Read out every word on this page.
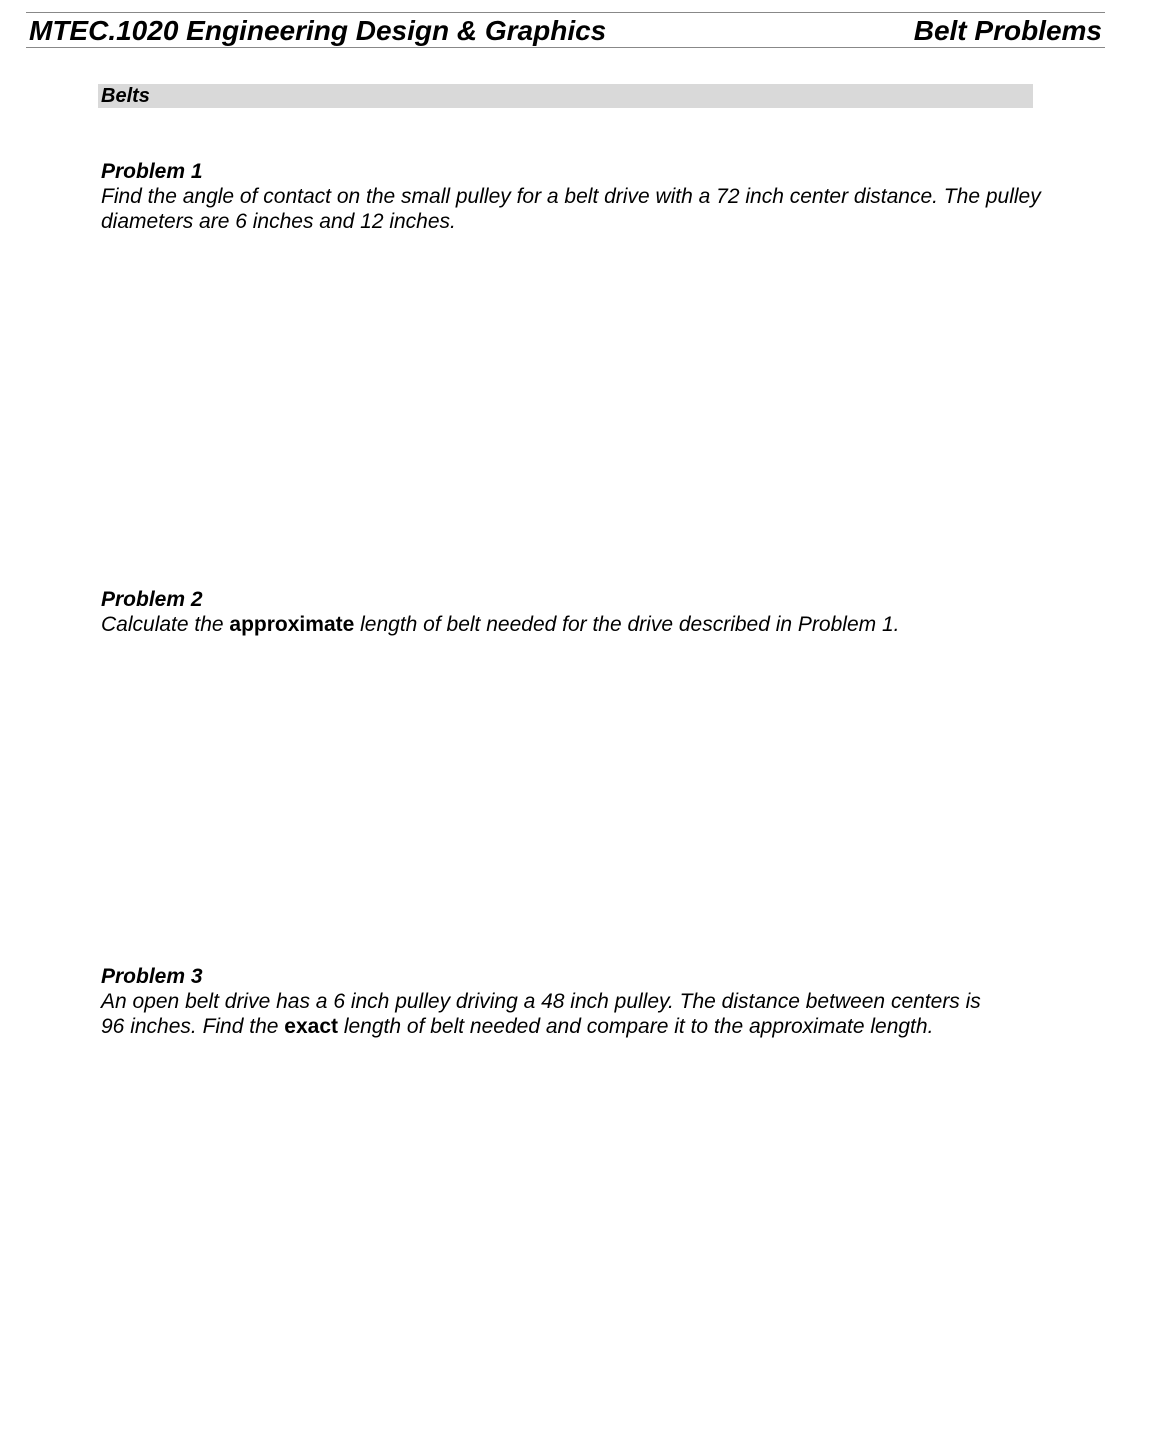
MTEC.1020 Engineering Design & Graphics	Belt Problems
Belts

Problem 1

Find the angle of contact on the small pulley for a belt drive with a 72 inch center distance. The pulley diameters are 6 inches and 12 inches.

Problem 2

Calculate the approximate length of belt needed for the drive described in Problem 1.

Problem 3

An open belt drive has a 6 inch pulley driving a 48 inch pulley. The distance between centers is

96 inches. Find the exact length of belt needed and compare it to the approximate length.
